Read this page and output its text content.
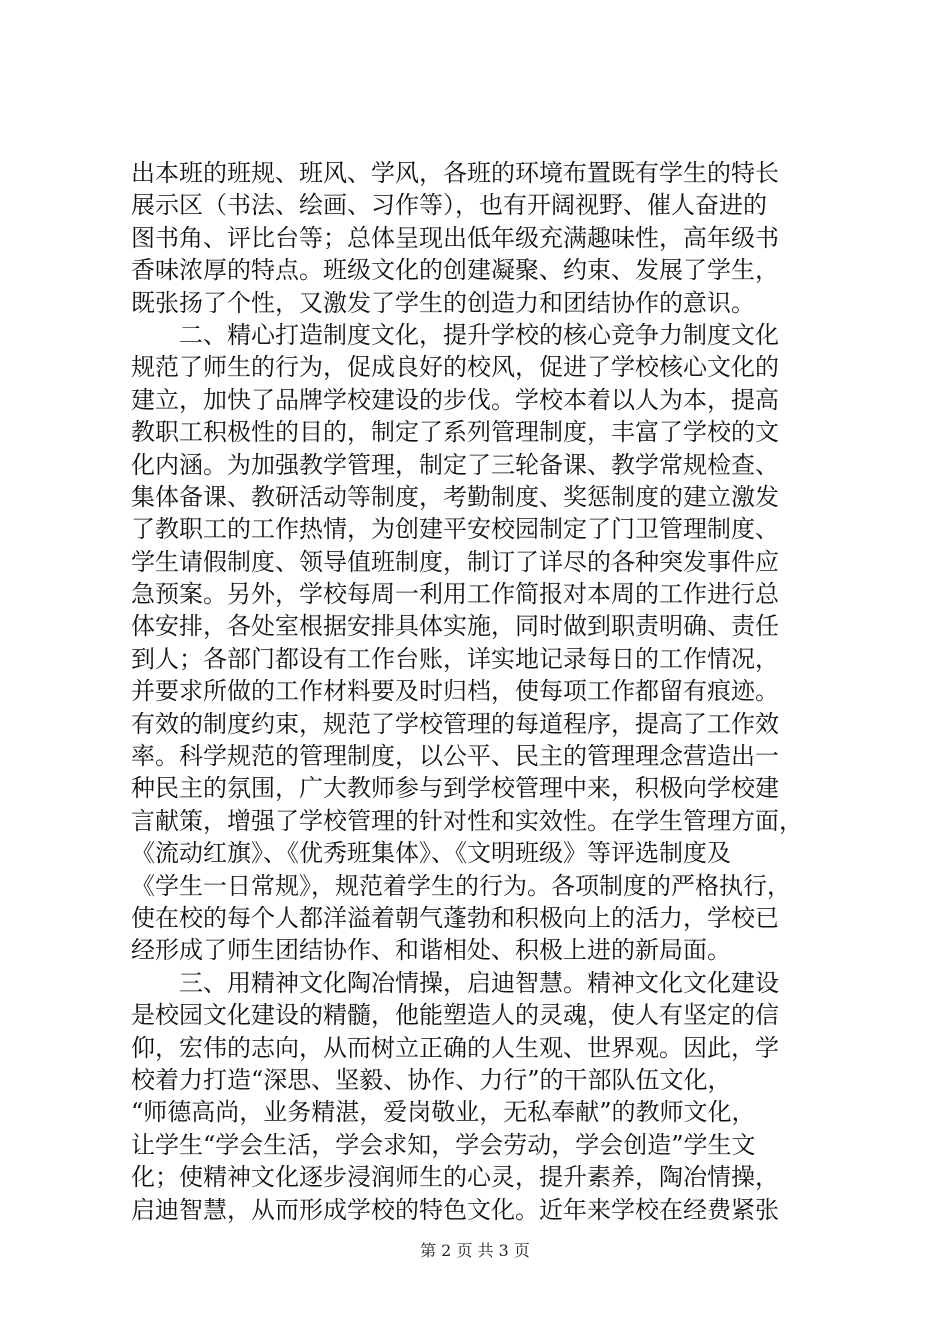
出本班的班规、班风、学风，各班的环境布置既有学生的特长
展示区（书法、绘画、习作等），也有开阔视野、催人奋进的
图书角、评比台等；总体呈现出低年级充满趣味性，高年级书
香味浓厚的特点。班级文化的创建凝聚、约束、发展了学生，
既张扬了个性，又激发了学生的创造力和团结协作的意识。
二、精心打造制度文化，提升学校的核心竞争力制度文化
规范了师生的行为，促成良好的校风，促进了学校核心文化的
建立，加快了品牌学校建设的步伐。学校本着以人为本，提高
教职工积极性的目的，制定了系列管理制度，丰富了学校的文
化内涵。为加强教学管理，制定了三轮备课、教学常规检查、
集体备课、教研活动等制度，考勤制度、奖惩制度的建立激发
了教职工的工作热情，为创建平安校园制定了门卫管理制度、
学生请假制度、领导值班制度，制订了详尽的各种突发事件应
急预案。另外，学校每周一利用工作简报对本周的工作进行总
体安排，各处室根据安排具体实施，同时做到职责明确、责任
到人；各部门都设有工作台账，详实地记录每日的工作情况，
并要求所做的工作材料要及时归档，使每项工作都留有痕迹。
有效的制度约束，规范了学校管理的每道程序，提高了工作效
率。科学规范的管理制度，以公平、民主的管理理念营造出一
种民主的氛围，广大教师参与到学校管理中来，积极向学校建
言献策，增强了学校管理的针对性和实效性。在学生管理方面，
《流动红旗》、《优秀班集体》、《文明班级》等评选制度及
《学生一日常规》，规范着学生的行为。各项制度的严格执行，
使在校的每个人都洋溢着朝气蓬勃和积极向上的活力，学校已
经形成了师生团结协作、和谐相处、积极上进的新局面。
三、用精神文化陶冶情操，启迪智慧。精神文化文化建设
是校园文化建设的精髓，他能塑造人的灵魂，使人有坚定的信
仰，宏伟的志向，从而树立正确的人生观、世界观。因此，学
校着力打造“深思、坚毅、协作、力行”的干部队伍文化，
“师德高尚，业务精湛，爱岗敬业，无私奉献”的教师文化，
让学生“学会生活，学会求知，学会劳动，学会创造”学生文
化；使精神文化逐步浸润师生的心灵，提升素养，陶冶情操，
启迪智慧，从而形成学校的特色文化。近年来学校在经费紧张
第 2 页 共 3 页
